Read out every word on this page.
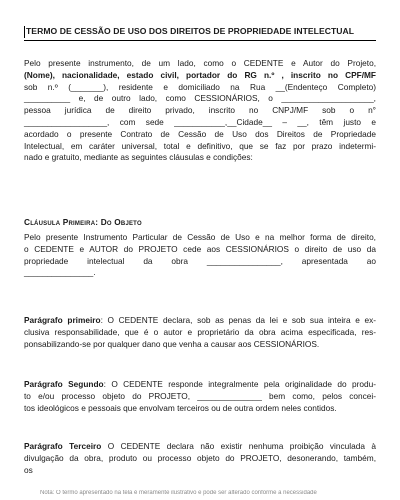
TERMO DE CESSÃO DE USO DOS DIREITOS DE PROPRIEDADE INTELECTUAL
Pelo presente instrumento, de um lado, como o CEDENTE e Autor do Projeto,
(Nome), nacionalidade, estado civil, portador do RG n.º , inscrito no CPF/MF
sob n.º (_______), residente e domiciliado na Rua __(Endenteço Completo)
__________ e, de outro lado, como CESSIONÁRIOS, o ____________________,
pessoa jurídica de direito privado, inscrito no CNPJ/MF sob o n°
__________________, com sede ___________,__Cidade__ – __, têm justo e
acordado o presente Contrato de Cessão de Uso dos Direitos de Propriedade
Intelectual, em caráter universal, total e definitivo, que se faz por prazo indetermi-
nado e gratuito, mediante as seguintes cláusulas e condições:
Cláusula Primeira: Do Objeto
Pelo presente Instrumento Particular de Cessão de Uso e na melhor forma de direito,
o CEDENTE e AUTOR do PROJETO cede aos CESSIONÁRIOS o direito de uso da
propriedade intelectual da obra ________________, apresentada ao
_______________.
Parágrafo primeiro: O CEDENTE declara, sob as penas da lei e sob sua inteira e ex-
clusiva responsabilidade, que é o autor e proprietário da obra acima especificada, res-
ponsabilizando-se por qualquer dano que venha a causar aos CESSIONÁRIOS.
Parágrafo Segundo: O CEDENTE responde integralmente pela originalidade do produ-
to e/ou processo objeto do PROJETO, ______________ bem como, pelos concei-
tos ideológicos e pessoais que envolvam terceiros ou de outra ordem neles contidos.
Parágrafo Terceiro O CEDENTE declara não existir nenhuma proibição vinculada à
divulgação da obra, produto ou processo objeto do PROJETO, desonerando, também,
os
Nota: O termo apresentado na tela é meramente ilustrativo e pode ser alterado conforme a necessidade
